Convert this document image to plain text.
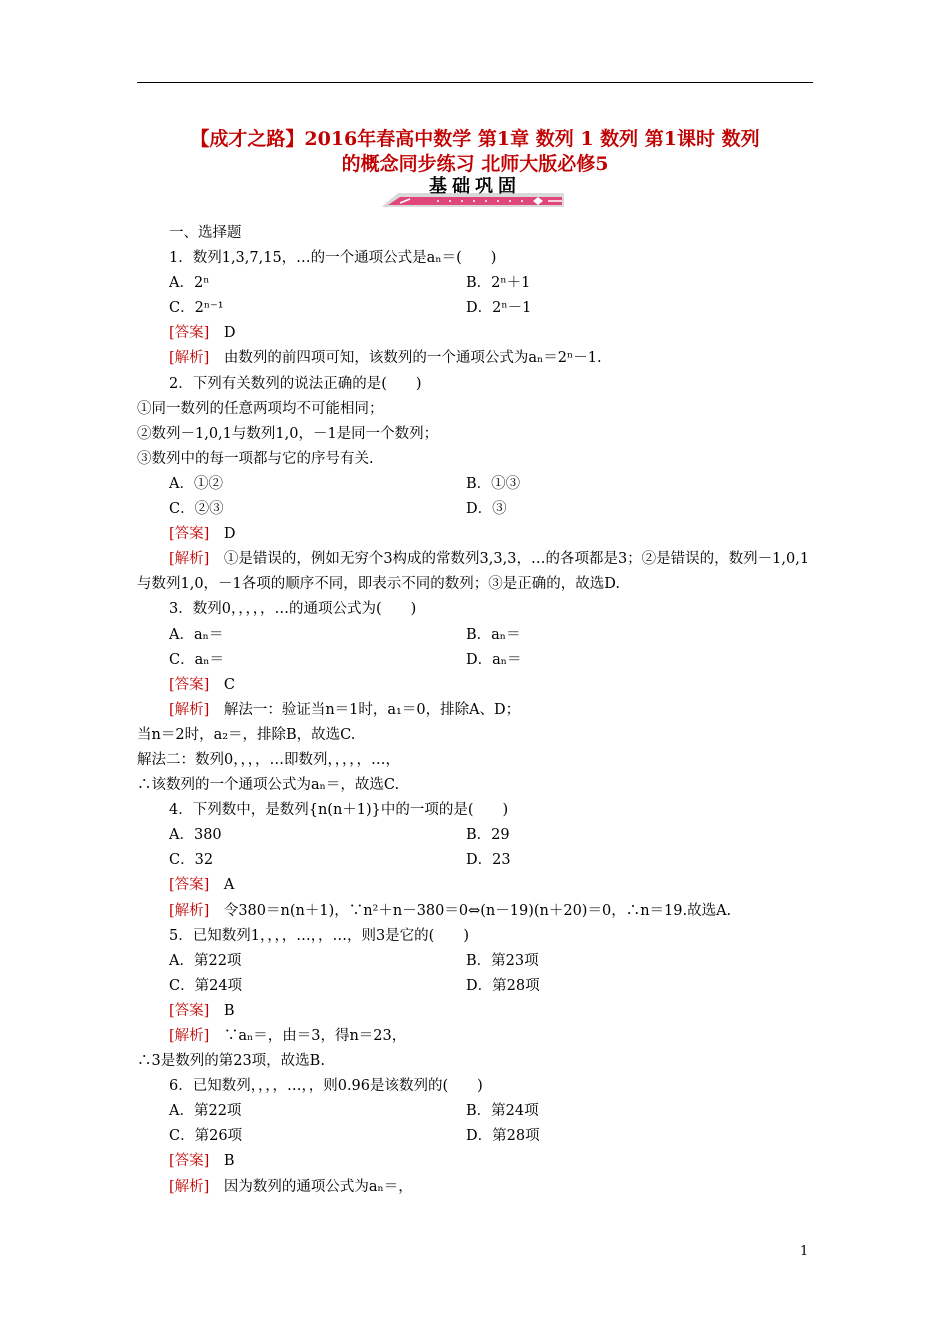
【成才之路】2016年春高中数学 第1章 数列 1 数列 第1课时 数列
的概念同步练习 北师大版必修5
基础巩固
一、选择题
1．数列1,3,7,15，…的一个通项公式是aₙ＝(　　)
A．2ⁿ	B．2ⁿ＋1
C．2ⁿ⁻¹	D．2ⁿ－1
[答案]　 D
[解析]　 由数列的前四项可知，该数列的一个通项公式为aₙ＝2ⁿ－1.
2．下列有关数列的说法正确的是(　　)
①同一数列的任意两项均不可能相同；
②数列－1,0,1与数列1,0，－1是同一个数列；
③数列中的每一项都与它的序号有关.
A．①②	B．①③
C．②③	D．③
[答案]　 D
[解析]　 ①是错误的，例如无穷个3构成的常数列3,3,3，…的各项都是3；②是错误的，数列－1,0,1与数列1,0，－1各项的顺序不同，即表示不同的数列；③是正确的，故选D.
3．数列0，，，，，…的通项公式为(　　)
A．aₙ＝	B．aₙ＝
C．aₙ＝	D．aₙ＝
[答案]　 C
[解析]　 解法一：验证当n＝1时，a₁＝0，排除A、D；
当n＝2时，a₂＝，排除B，故选C.
解法二：数列0，，，，…即数列，，，，，…，
∴该数列的一个通项公式为aₙ＝，故选C.
4．下列数中，是数列{n(n＋1)}中的一项的是(　　)
A．380	B．29
C．32	D．23
[答案]　 A
[解析]　 令380＝n(n＋1)，∵n²＋n－380＝0⇔(n－19)(n＋20)＝0，∴n＝19.故选A.
5．已知数列1，，，，…，，…，则3是它的(　　)
A．第22项	B．第23项
C．第24项	D．第28项
[答案]　 B
[解析]　 ∵aₙ＝，由＝3，得n＝23，
∴3是数列的第23项，故选B.
6．已知数列，，，，…，，则0.96是该数列的(　　)
A．第22项	B．第24项
C．第26项	D．第28项
[答案]　 B
[解析]　 因为数列的通项公式为aₙ＝，
1
